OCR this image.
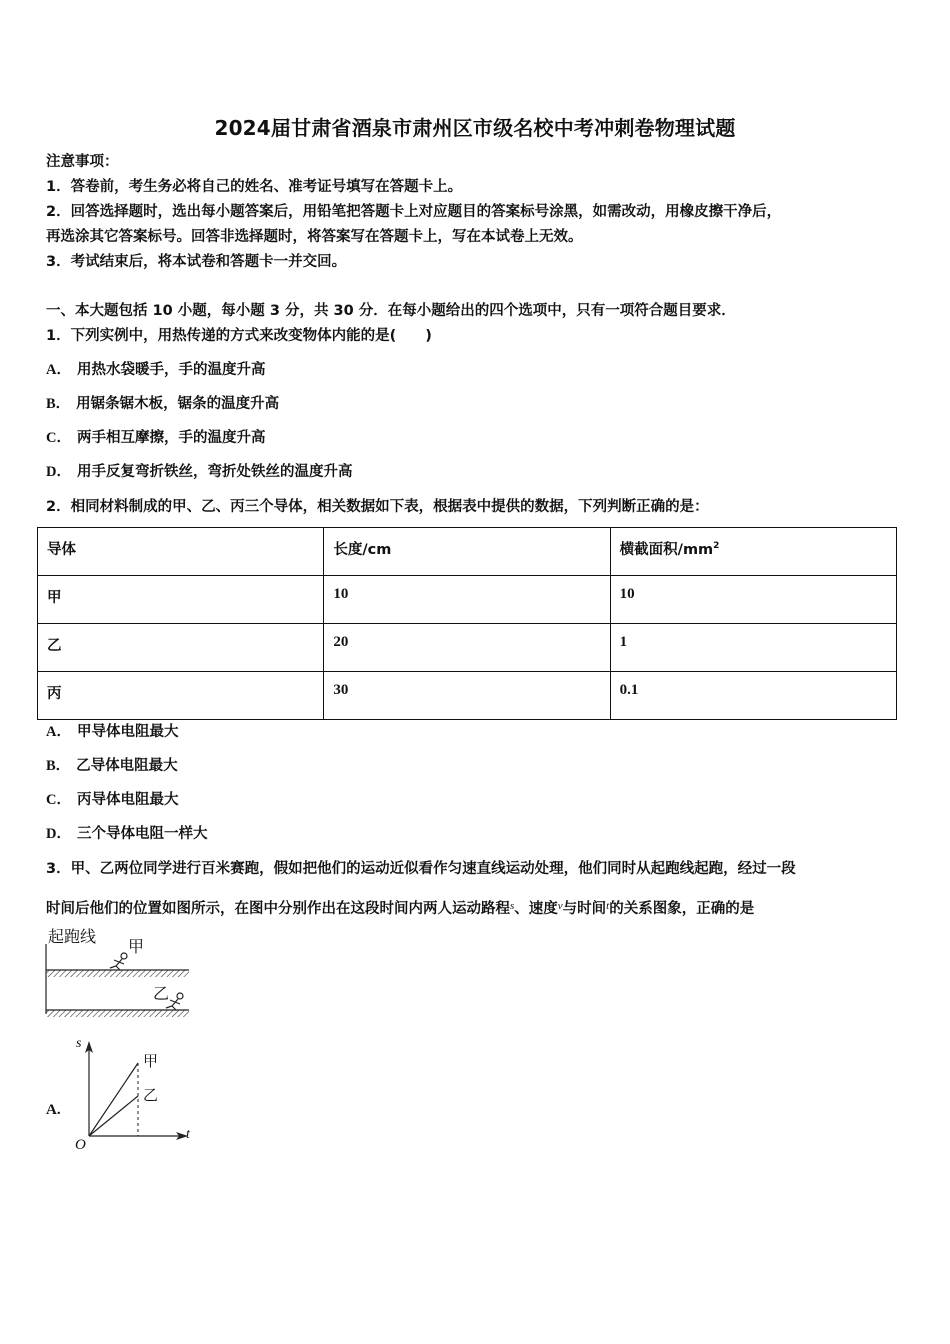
2024届甘肃省酒泉市肃州区市级名校中考冲刺卷物理试题
注意事项：
1．答卷前，考生务必将自己的姓名、准考证号填写在答题卡上。
2．回答选择题时，选出每小题答案后，用铅笔把答题卡上对应题目的答案标号涂黑，如需改动，用橡皮擦干净后，
再选涂其它答案标号。回答非选择题时，将答案写在答题卡上，写在本试卷上无效。
3．考试结束后，将本试卷和答题卡一并交回。
一、本大题包括 10 小题，每小题 3 分，共 30 分．在每小题给出的四个选项中，只有一项符合题目要求．
1．下列实例中，用热传递的方式来改变物体内能的是(　　)
A． 用热水袋暖手，手的温度升高
B． 用锯条锯木板，锯条的温度升高
C． 两手相互摩擦，手的温度升高
D． 用手反复弯折铁丝，弯折处铁丝的温度升高
2．相同材料制成的甲、乙、丙三个导体，相关数据如下表，根据表中提供的数据，下列判断正确的是：
导体	长度/cm	横截面积$/mm^2$
甲	10	10
乙	20	1
丙	30	0.1
A． 甲导体电阻最大
B． 乙导体电阻最大
C． 丙导体电阻最大
D． 三个导体电阻一样大
3．甲、乙两位同学进行百米赛跑，假如把他们的运动近似看作匀速直线运动处理，他们同时从起跑线起跑，经过一段
时间后他们的位置如图所示，在图中分别作出在这段时间内两人运动路程$^s$、速度$^v$与时间$^t$的关系图象，正确的是
起跑线
甲
乙
A.
s
t
O
甲
乙
